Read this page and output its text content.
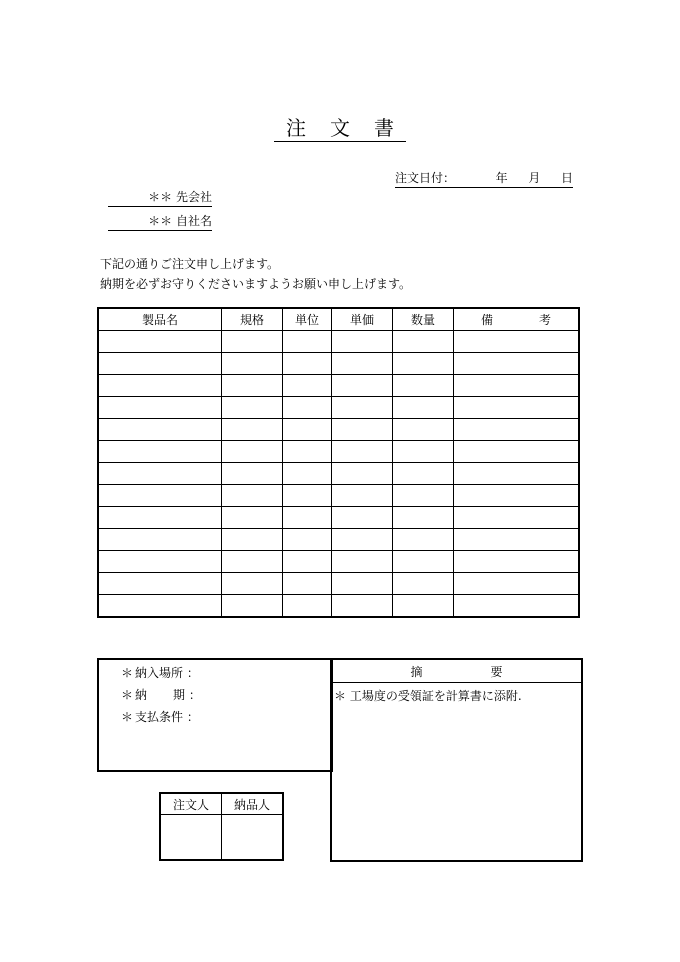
注 文 書
注文日付：	年 月 日
＊＊ 先会社
＊＊ 自社名
下記の通りご注文申し上げます。
納期を必ずお守りくださいますようお願い申し上げます。
製品名	規格	単位	単価	数量	備 考

＊ 納入場所 ：
＊ 納 期 ：
＊ 支払条件 ：
摘	要
＊ 工場度の受領証を計算書に添附.
注文人	納品人
